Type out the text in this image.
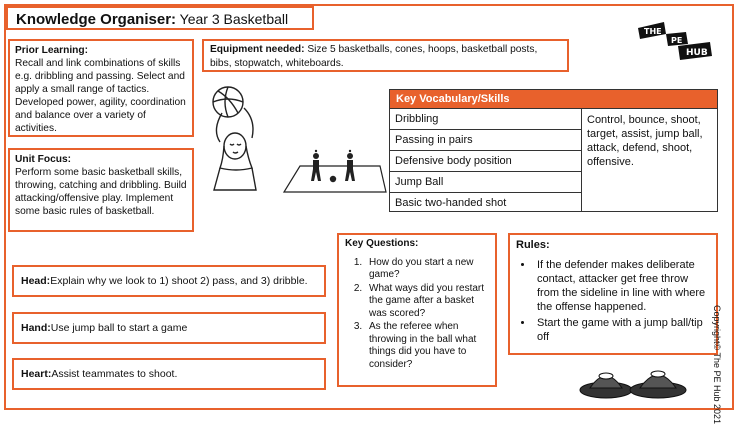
Knowledge Organiser: Year 3 Basketball
Prior Learning:
Recall and link combinations of skills e.g. dribbling and passing. Select and apply a small range of tactics. Developed power, agility, coordination and balance over a variety of activities.
Equipment needed: Size 5 basketballs, cones, hoops, basketball posts, bibs, stopwatch, whiteboards.
Unit Focus:
Perform some basic basketball skills, throwing, catching and dribbling. Build attacking/offensive play. Implement some basic rules of basketball.
Key Vocabulary/Skills
Dribbling
Passing in pairs
Defensive body position
Jump Ball
Basic two-handed shot
Control, bounce, shoot, target, assist, jump ball, attack, defend, shoot, offensive.
THE
PE
HUB
Head: Explain why we look to 1) shoot 2) pass, and 3) dribble.
Hand: Use jump ball to start a game
Heart: Assist teammates to shoot.
Key Questions:
1. How do you start a new game?
2. What ways did you restart the game after a basket was scored?
3. As the referee when throwing in the ball what things did you have to consider?
Rules:
• If the defender makes deliberate contact, attacker get free throw from the sideline in line with where the offense happened.
• Start the game with a jump ball/tip off	Copyright© The PE Hub 2021
